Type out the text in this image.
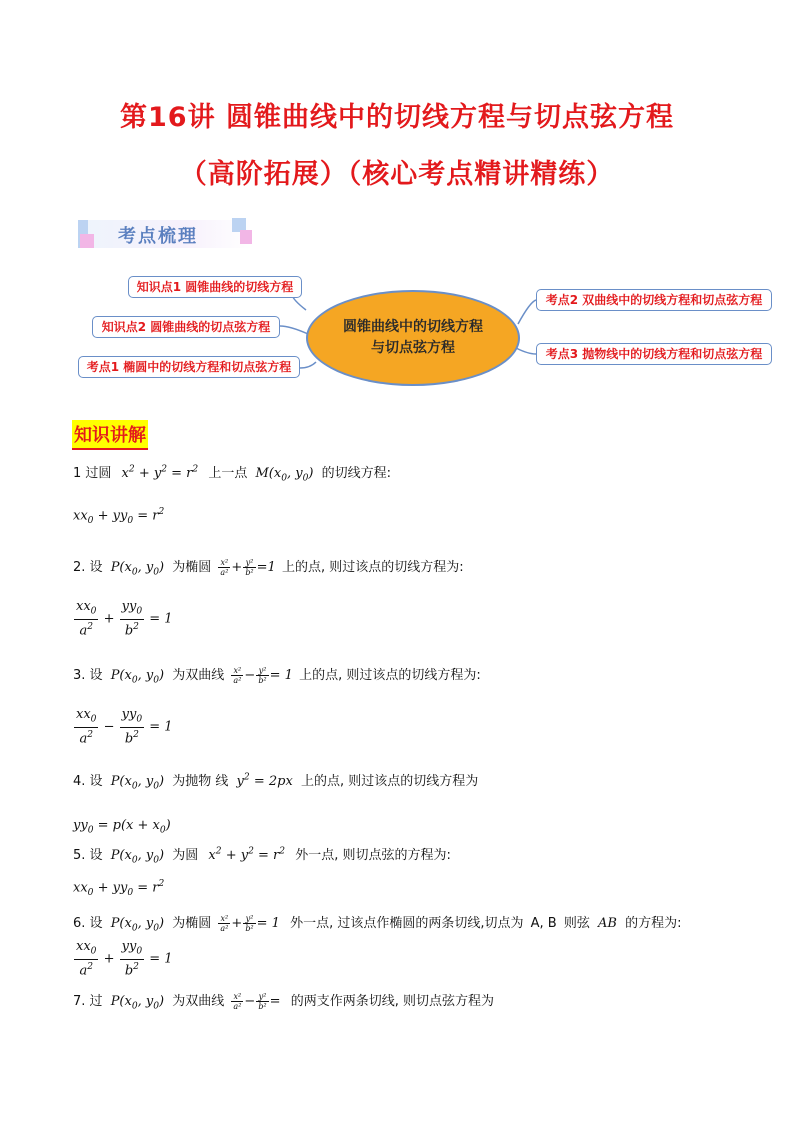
第16讲 圆锥曲线中的切线方程与切点弦方程
（高阶拓展）（核心考点精讲精练）
考点梳理
知识点1 圆锥曲线的切线方程
知识点2 圆锥曲线的切点弦方程
考点1 椭圆中的切线方程和切点弦方程
圆锥曲线中的切线方程
与切点弦方程
考点2 双曲线中的切线方程和切点弦方程
考点3 抛物线中的切线方程和切点弦方程
知识讲解
1 过圆 $x^2 + y^2 = r^2$ 上一点 $M(x_0$, $y_0$) 的切线方程:
$xx_0 + yy_0 = r^2$
2. 设 $P(x_0$, $y_0$) 为椭圆 $\frac{\text{x²}}{\text{a²}} + \frac{\text{y²}}{\text{b²}} =1$ 上的点, 则过该点的切线方程为:
$\frac{xx_0}{a^2} + \frac{yy_0}{b^2} = 1$
3. 设 $P(x_0$, $y_0$) 为双曲线 $\frac{\text{x²}}{\text{a²}} - \frac{\text{y²}}{\text{b²}} = 1$ 上的点, 则过该点的切线方程为:
$\frac{xx_0}{a^2} - \frac{yy_0}{b^2} = 1$
4. 设 $P(x_0$, $y_0$) 为抛物 线 $y^2 = 2px$ 上的点, 则过该点的切线方程为
$yy_0 = p(x + x_0)$
5. 设 $P(x_0$, $y_0$) 为圆 $x^2 + y^2 = r^2$ 外一点, 则切点弦的方程为:
$xx_0 + yy_0 = r^2$
6. 设 $P(x_0$, $y_0$) 为椭圆 $\frac{\text{x²}}{\text{a²}} + \frac{\text{y²}}{\text{b²}} = 1$ 外一点, 过该点作椭圆的两条切线,切点为 A, B 则弦 AB 的方程为:
$\frac{xx_0}{a^2} + \frac{yy_0}{b^2} = 1$
7. 过 $P(x_0$, $y_0$) 为双曲线 $\frac{\text{x²}}{\text{a²}} - \frac{\text{y²}}{\text{b²}}$ = 的两支作两条切线, 则切点弦方程为
